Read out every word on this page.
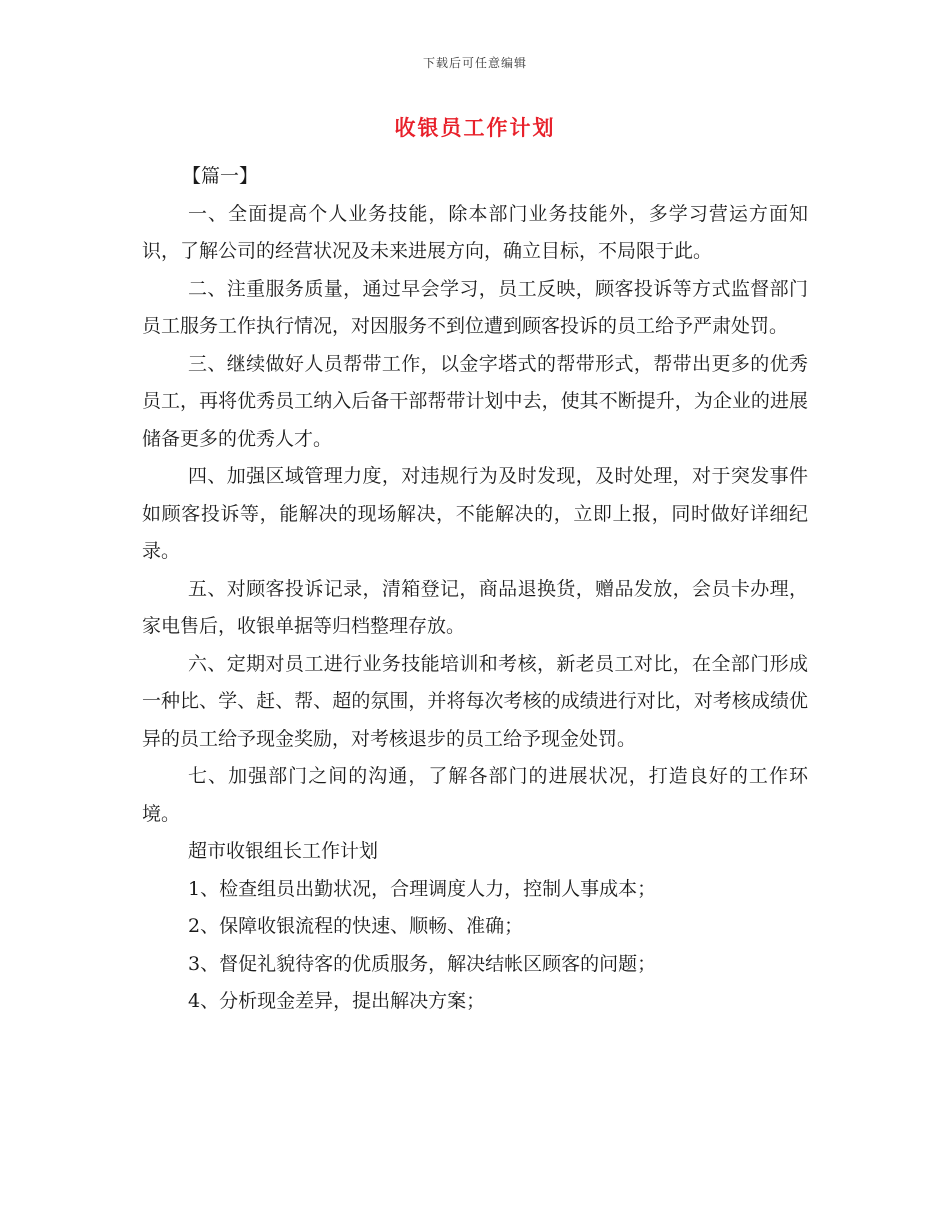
下载后可任意编辑
收银员工作计划

【篇一】

一、全面提高个人业务技能，除本部门业务技能外，多学习营运方面知识，了解公司的经营状况及未来进展方向，确立目标，不局限于此。

二、注重服务质量，通过早会学习，员工反映，顾客投诉等方式监督部门员工服务工作执行情况，对因服务不到位遭到顾客投诉的员工给予严肃处罚。

三、继续做好人员帮带工作，以金字塔式的帮带形式，帮带出更多的优秀员工，再将优秀员工纳入后备干部帮带计划中去，使其不断提升，为企业的进展储备更多的优秀人才。

四、加强区域管理力度，对违规行为及时发现，及时处理，对于突发事件如顾客投诉等，能解决的现场解决，不能解决的，立即上报，同时做好详细纪录。

五、对顾客投诉记录，清箱登记，商品退换货，赠品发放，会员卡办理，家电售后，收银单据等归档整理存放。

六、定期对员工进行业务技能培训和考核，新老员工对比，在全部门形成一种比、学、赶、帮、超的氛围，并将每次考核的成绩进行对比，对考核成绩优异的员工给予现金奖励，对考核退步的员工给予现金处罚。

七、加强部门之间的沟通，了解各部门的进展状况，打造良好的工作环境。

超市收银组长工作计划

1、检查组员出勤状况，合理调度人力，控制人事成本；

2、保障收银流程的快速、顺畅、准确；

3、督促礼貌待客的优质服务，解决结帐区顾客的问题；

4、分析现金差异，提出解决方案；
